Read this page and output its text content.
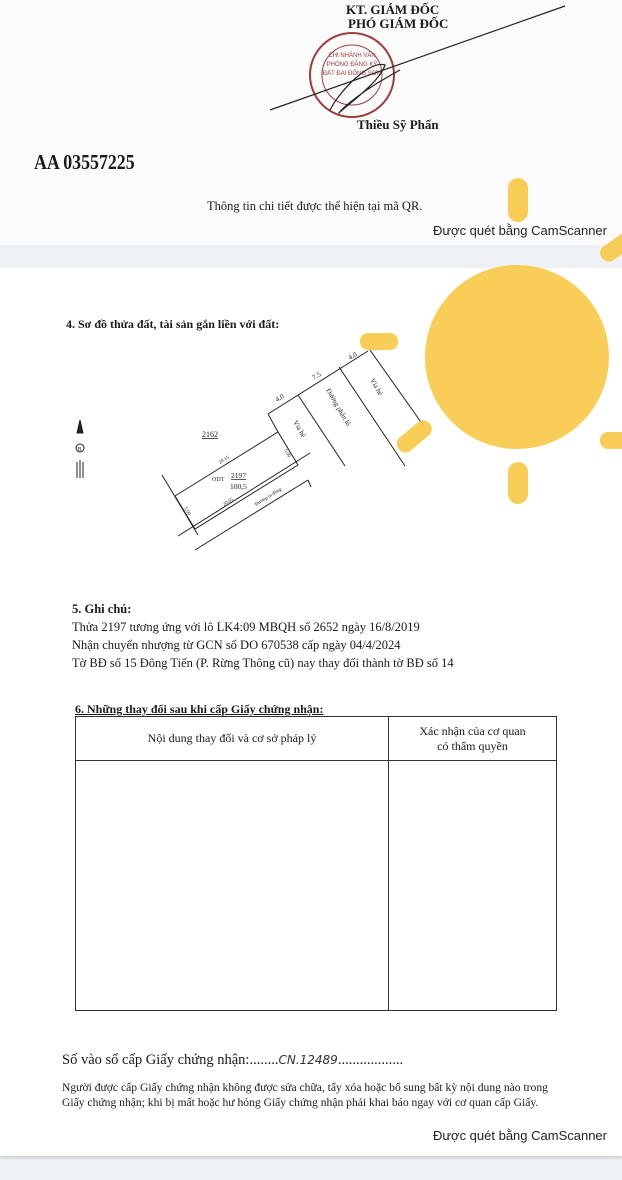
KT. GIÁM ĐỐC
PHÓ GIÁM ĐỐC
CHI NHÁNH VĂN PHÒNG ĐĂNG KÝ ĐẤT ĐAI ĐÔNG SƠN
Thiều Sỹ Phấn
AA 03557225
Thông tin chi tiết được thể hiện tại mã QR.
Được quét bằng CamScanner
2162
ODT 2197
100,5
20.15
20.05
5.00
5.00
4.0
7.5
4.0
Vỉa hè
Đường phân lô
Vỉa hè
Đường ra đồng
B
4. Sơ đồ thửa đất, tài sản gắn liền với đất:
5. Ghi chú:
Thửa 2197 tương ứng với lô LK4:09 MBQH số 2652 ngày 16/8/2019
Nhận chuyển nhượng từ GCN số DO 670538 cấp ngày 04/4/2024
Tờ BĐ số 15 Đông Tiến (P. Rừng Thông cũ) nay thay đổi thành tờ BĐ số 14
6. Những thay đổi sau khi cấp Giấy chứng nhận:
Nội dung thay đổi và cơ sở pháp lý	Xác nhận của cơ quan
có thẩm quyền

Số vào sổ cấp Giấy chứng nhận:........CN.12489..................
Người được cấp Giấy chứng nhận không được sửa chữa, tẩy xóa hoặc bổ sung bất kỳ nội dung nào trong
Giấy chứng nhận; khi bị mất hoặc hư hỏng Giấy chứng nhận phải khai báo ngay với cơ quan cấp Giấy.
Được quét bằng CamScanner
